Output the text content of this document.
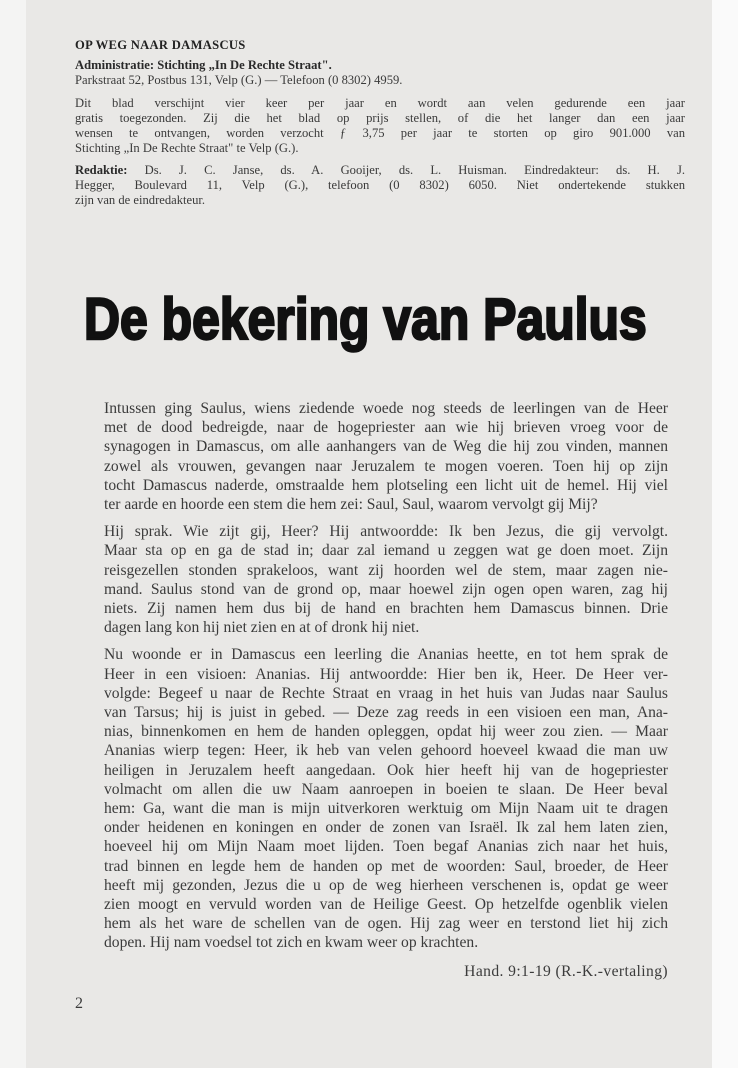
OP WEG NAAR DAMASCUS
Administratie: Stichting „In De Rechte Straat".
Parkstraat 52, Postbus 131, Velp (G.) — Telefoon (0 8302) 4959.
Dit blad verschijnt vier keer per jaar en wordt aan velen gedurende een jaar
gratis toegezonden. Zij die het blad op prijs stellen, of die het langer dan een jaar
wensen te ontvangen, worden verzocht ƒ 3,75 per jaar te storten op giro 901.000 van
Stichting „In De Rechte Straat" te Velp (G.).
Redaktie: Ds. J. C. Janse, ds. A. Gooijer, ds. L. Huisman. Eindredakteur: ds. H. J.
Hegger, Boulevard 11, Velp (G.), telefoon (0 8302) 6050. Niet ondertekende stukken
zijn van de eindredakteur.
De bekering van Paulus
Intussen ging Saulus, wiens ziedende woede nog steeds de leerlingen van de Heer
met de dood bedreigde, naar de hogepriester aan wie hij brieven vroeg voor de
synagogen in Damascus, om alle aanhangers van de Weg die hij zou vinden, mannen
zowel als vrouwen, gevangen naar Jeruzalem te mogen voeren. Toen hij op zijn
tocht Damascus naderde, omstraalde hem plotseling een licht uit de hemel. Hij viel
ter aarde en hoorde een stem die hem zei: Saul, Saul, waarom vervolgt gij Mij?
Hij sprak. Wie zijt gij, Heer? Hij antwoordde: Ik ben Jezus, die gij vervolgt.
Maar sta op en ga de stad in; daar zal iemand u zeggen wat ge doen moet. Zijn
reisgezellen stonden sprakeloos, want zij hoorden wel de stem, maar zagen nie-
mand. Saulus stond van de grond op, maar hoewel zijn ogen open waren, zag hij
niets. Zij namen hem dus bij de hand en brachten hem Damascus binnen. Drie
dagen lang kon hij niet zien en at of dronk hij niet.
Nu woonde er in Damascus een leerling die Ananias heette, en tot hem sprak de
Heer in een visioen: Ananias. Hij antwoordde: Hier ben ik, Heer. De Heer ver-
volgde: Begeef u naar de Rechte Straat en vraag in het huis van Judas naar Saulus
van Tarsus; hij is juist in gebed. — Deze zag reeds in een visioen een man, Ana-
nias, binnenkomen en hem de handen opleggen, opdat hij weer zou zien. — Maar
Ananias wierp tegen: Heer, ik heb van velen gehoord hoeveel kwaad die man uw
heiligen in Jeruzalem heeft aangedaan. Ook hier heeft hij van de hogepriester
volmacht om allen die uw Naam aanroepen in boeien te slaan. De Heer beval
hem: Ga, want die man is mijn uitverkoren werktuig om Mijn Naam uit te dragen
onder heidenen en koningen en onder de zonen van Israël. Ik zal hem laten zien,
hoeveel hij om Mijn Naam moet lijden. Toen begaf Ananias zich naar het huis,
trad binnen en legde hem de handen op met de woorden: Saul, broeder, de Heer
heeft mij gezonden, Jezus die u op de weg hierheen verschenen is, opdat ge weer
zien moogt en vervuld worden van de Heilige Geest. Op hetzelfde ogenblik vielen
hem als het ware de schellen van de ogen. Hij zag weer en terstond liet hij zich
dopen. Hij nam voedsel tot zich en kwam weer op krachten.
Hand. 9:1-19 (R.-K.-vertaling)
2
